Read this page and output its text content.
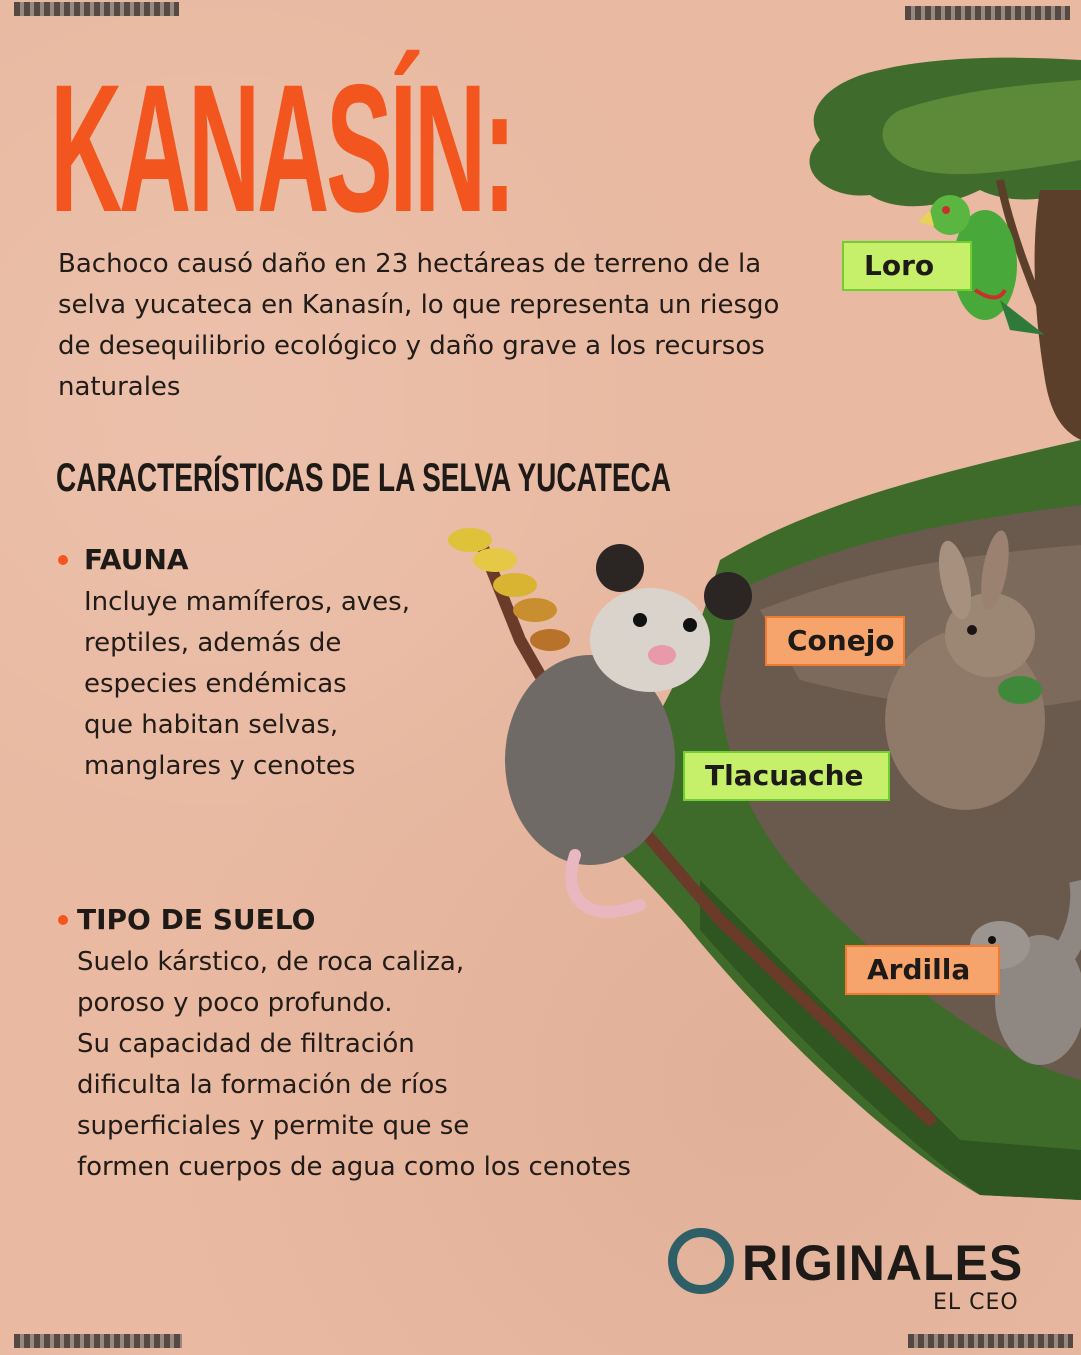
KANASÍN:
Bachoco causó daño en 23 hectáreas de terreno de la selva yucateca en Kanasín, lo que representa un riesgo de desequilibrio ecológico y daño grave a los recursos naturales
CARACTERÍSTICAS DE LA SELVA YUCATECA
FAUNA
Incluye mamíferos, aves,
reptiles, además de
especies endémicas
que habitan selvas,
manglares y cenotes
TIPO DE SUELO
Suelo kárstico, de roca caliza,
poroso y poco profundo.
Su capacidad de filtración
dificulta la formación de ríos
superficiales y permite que se
formen cuerpos de agua como los cenotes
Loro
Conejo
Tlacuache
Ardilla
RIGINALES
EL CEO
